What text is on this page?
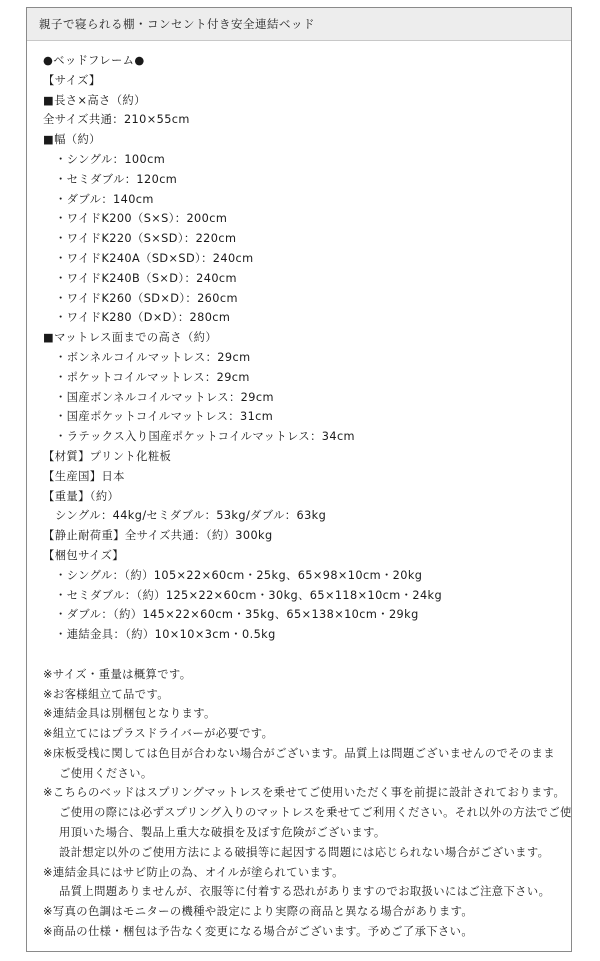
親子で寝られる棚・コンセント付き安全連結ベッド
●ベッドフレーム●
【サイズ】
■長さ×高さ（約）
全サイズ共通：210×55cm
■幅（約）
・シングル：100cm
・セミダブル：120cm
・ダブル：140cm
・ワイドK200（S×S）：200cm
・ワイドK220（S×SD）：220cm
・ワイドK240A（SD×SD）：240cm
・ワイドK240B（S×D）：240cm
・ワイドK260（SD×D）：260cm
・ワイドK280（D×D）：280cm
■マットレス面までの高さ（約）
・ボンネルコイルマットレス：29cm
・ポケットコイルマットレス：29cm
・国産ボンネルコイルマットレス：29cm
・国産ポケットコイルマットレス：31cm
・ラテックス入り国産ポケットコイルマットレス：34cm
【材質】プリント化粧板
【生産国】日本
【重量】（約）
シングル：44kg/セミダブル：53kg/ダブル：63kg
【静止耐荷重】全サイズ共通：（約）300kg
【梱包サイズ】
・シングル：（約）105×22×60cm・25kg、65×98×10cm・20kg
・セミダブル：（約）125×22×60cm・30kg、65×118×10cm・24kg
・ダブル：（約）145×22×60cm・35kg、65×138×10cm・29kg
・連結金具：（約）10×10×3cm・0.5kg
※サイズ・重量は概算です。
※お客様組立て品です。
※連結金具は別梱包となります。
※組立てにはプラスドライバーが必要です。
※床板受桟に関しては色目が合わない場合がございます。品質上は問題ございませんのでそのまま
ご使用ください。
※こちらのベッドはスプリングマットレスを乗せてご使用いただく事を前提に設計されております。
ご使用の際には必ずスプリング入りのマットレスを乗せてご利用ください。それ以外の方法でご使
用頂いた場合、製品上重大な破損を及ぼす危険がございます。
設計想定以外のご使用方法による破損等に起因する問題には応じられない場合がございます。
※連結金具にはサビ防止の為、オイルが塗られています。
品質上問題ありませんが、衣服等に付着する恐れがありますのでお取扱いにはご注意下さい。
※写真の色調はモニターの機種や設定により実際の商品と異なる場合があります。
※商品の仕様・梱包は予告なく変更になる場合がございます。予めご了承下さい。
